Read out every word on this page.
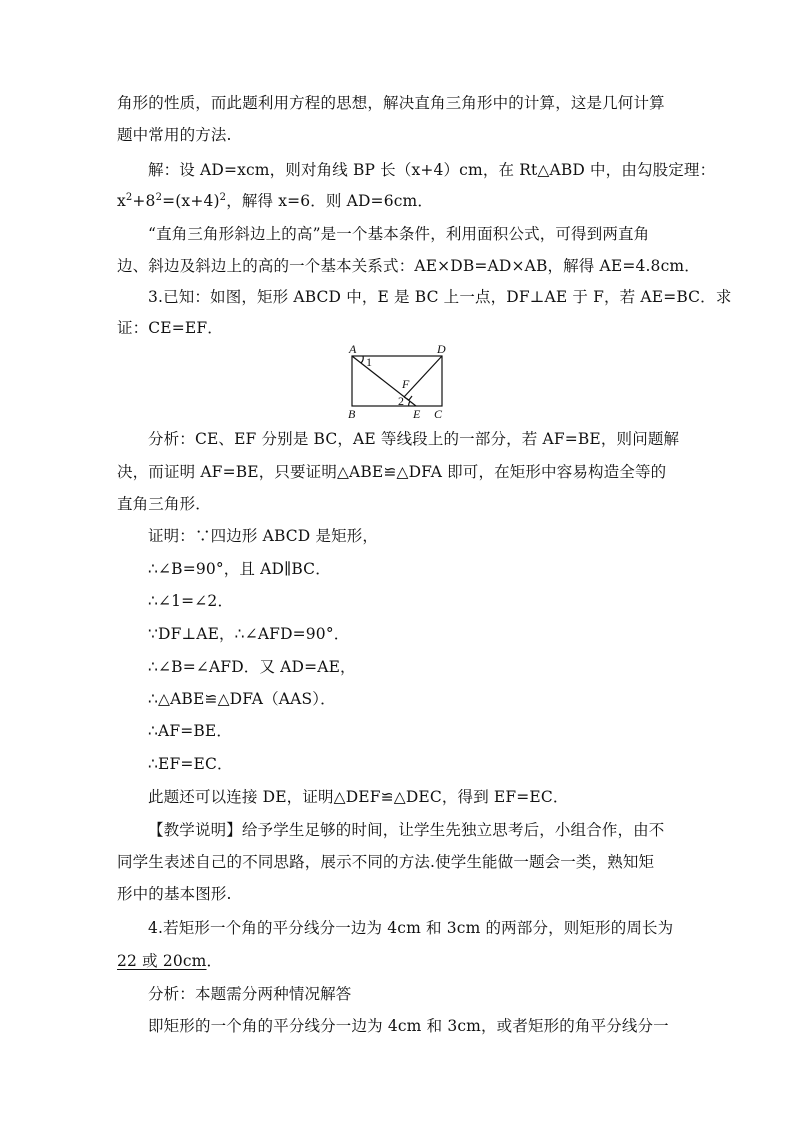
角形的性质，而此题利用方程的思想，解决直角三角形中的计算，这是几何计算
题中常用的方法.
解：设 AD=xcm，则对角线 BP 长（x+4）cm，在 Rt△ABD 中，由勾股定理：
$x^2+8^2=(x+4)^2$，解得 x=6．则 AD=6cm．
“直角三角形斜边上的高”是一个基本条件，利用面积公式，可得到两直角
边、斜边及斜边上的高的一个基本关系式：AE×DB=AD×AB，解得 AE=4.8cm．
3.已知：如图，矩形 ABCD 中，E 是 BC 上一点，DF⊥AE 于 F，若 AE=BC．求
证：CE=EF．
A	D
B	C
E
F
1
2
分析：CE、EF 分别是 BC，AE 等线段上的一部分，若 AF=BE，则问题解
决，而证明 AF=BE，只要证明△ABE≌△DFA 即可，在矩形中容易构造全等的
直角三角形．
证明：∵四边形 ABCD 是矩形，
∴∠B=90°，且 AD∥BC．
∴∠1=∠2．
∵DF⊥AE，∴∠AFD=90°．
∴∠B=∠AFD．又 AD=AE，
∴△ABE≌△DFA（AAS）．
∴AF=BE．
∴EF=EC．
此题还可以连接 DE，证明△DEF≌△DEC，得到 EF=EC．
【教学说明】给予学生足够的时间，让学生先独立思考后，小组合作，由不
同学生表述自己的不同思路，展示不同的方法.使学生能做一题会一类，熟知矩
形中的基本图形.
4.若矩形一个角的平分线分一边为 4cm 和 3cm 的两部分，则矩形的周长为
22 或 20cm．
分析：本题需分两种情况解答
即矩形的一个角的平分线分一边为 4cm 和 3cm，或者矩形的角平分线分一
